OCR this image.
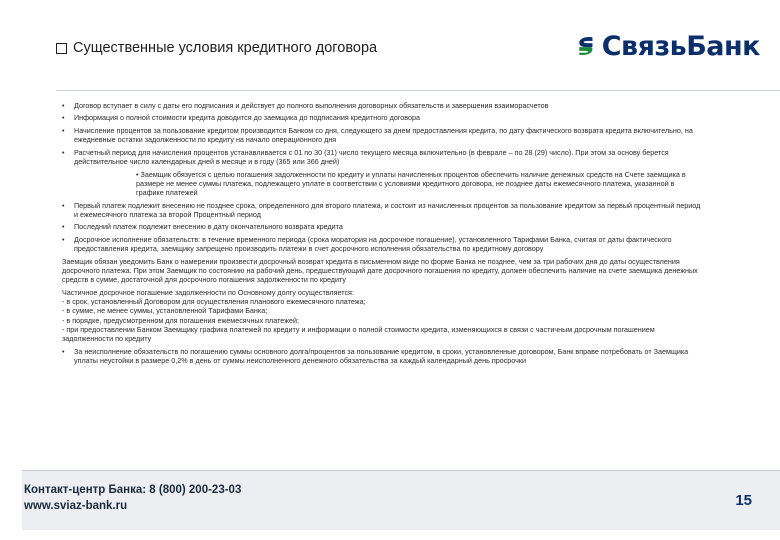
Существенные условия кредитного договора	СвязьБанк
• Договор вступает в силу с даты его подписания и действует до полного выполнения договорных обязательств и завершения взаиморасчетов
• Информация о полной стоимости кредита доводится до заемщика до подписания кредитного договора
• Начисление процентов за пользование кредитом производится Банком со дня, следующего за днем предоставления кредита, по дату фактического возврата кредита включительно, на ежедневные остатки задолженности по кредиту на начало операционного дня
• Расчетный период для начисления процентов устанавливается с 01 по 30 (31) число текущего месяца включительно (в феврале – по 28 (29) число). При этом за основу берется действительное число календарных дней в месяце и в году (365 или 366 дней)
• Заемщик обязуется с целью погашения задолженности по кредиту и уплаты начисленных процентов обеспечить наличие денежных средств на Счете заемщика в размере не менее суммы платежа, подлежащего уплате в соответствии с условиями кредитного договора, не позднее даты ежемесячного платежа, указанной в графике платежей
• Первый платеж подлежит внесению не позднее срока, определенного для второго платежа, и состоит из начисленных процентов за пользование кредитом за первый процентный период и ежемесячного платежа за второй Процентный период
• Последний платеж подлежит внесению в дату окончательного возврата кредита
• Досрочное исполнение обязательств: в течение временного периода (срока моратория на досрочное погашение), установленного Тарифами Банка, считая от даты фактического предоставления кредита, заемщику запрещено производить платежи в счет досрочного исполнения обязательства по кредитному договору
Заемщик обязан уведомить Банк о намерении произвести досрочный возврат кредита в письменном виде по форме Банка не позднее, чем за три рабочих дня до даты осуществления досрочного платежа. При этом Заемщик по состоянию на рабочий день, предшествующий дате досрочного погашения по кредиту, должен обеспечить наличие на счете заемщика денежных средств в сумме, достаточной для досрочного погашения задолженности по кредиту
Частичное досрочное погашение задолженности по Основному долгу осуществляется:
- в срок, установленный Договором для осуществления планового ежемесячного платежа;
- в сумме, не менее суммы, установленной Тарифами Банка;
- в порядке, предусмотренном для погашения ежемесячных платежей;
- при предоставлении Банком Заемщику графика платежей по кредиту и информации о полной стоимости кредита, изменяющихся в связи с частичным досрочным погашением задолженности по кредиту
• За неисполнение обязательств по погашению суммы основного долга/процентов за пользование кредитом, в сроки, установленные договором, Банк вправе потребовать от Заемщика уплаты неустойки в размере 0,2% в день от суммы неисполненного денежного обязательства за каждый календарный день просрочки
Контакт-центр Банка: 8 (800) 200-23-03
www.sviaz-bank.ru	15
